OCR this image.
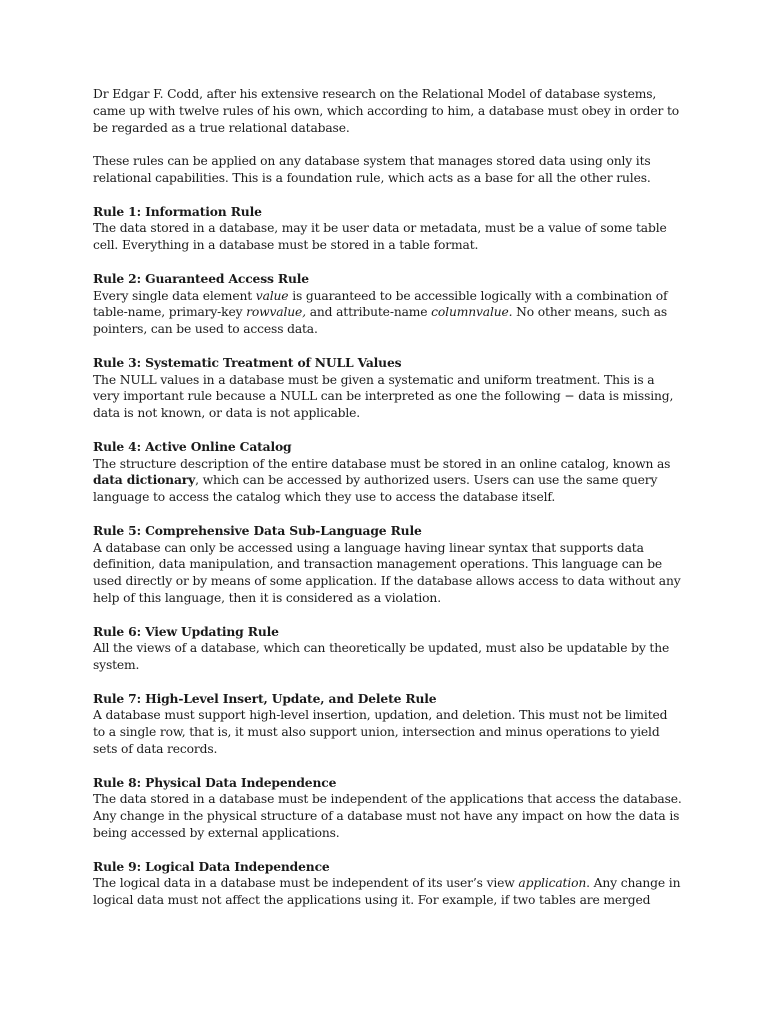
Dr Edgar F. Codd, after his extensive research on the Relational Model of database systems, came up with twelve rules of his own, which according to him, a database must obey in order to be regarded as a true relational database.

These rules can be applied on any database system that manages stored data using only its relational capabilities. This is a foundation rule, which acts as a base for all the other rules.

Rule 1: Information Rule
The data stored in a database, may it be user data or metadata, must be a value of some table cell. Everything in a database must be stored in a table format.
Rule 2: Guaranteed Access Rule
Every single data element value is guaranteed to be accessible logically with a combination of table-name, primary-key rowvalue, and attribute-name columnvalue. No other means, such as pointers, can be used to access data.
Rule 3: Systematic Treatment of NULL Values
The NULL values in a database must be given a systematic and uniform treatment. This is a very important rule because a NULL can be interpreted as one the following − data is missing, data is not known, or data is not applicable.
Rule 4: Active Online Catalog
The structure description of the entire database must be stored in an online catalog, known as data dictionary, which can be accessed by authorized users. Users can use the same query language to access the catalog which they use to access the database itself.
Rule 5: Comprehensive Data Sub-Language Rule
A database can only be accessed using a language having linear syntax that supports data definition, data manipulation, and transaction management operations. This language can be used directly or by means of some application. If the database allows access to data without any help of this language, then it is considered as a violation.
Rule 6: View Updating Rule
All the views of a database, which can theoretically be updated, must also be updatable by the system.
Rule 7: High-Level Insert, Update, and Delete Rule
A database must support high-level insertion, updation, and deletion. This must not be limited to a single row, that is, it must also support union, intersection and minus operations to yield sets of data records.
Rule 8: Physical Data Independence
The data stored in a database must be independent of the applications that access the database. Any change in the physical structure of a database must not have any impact on how the data is being accessed by external applications.
Rule 9: Logical Data Independence
The logical data in a database must be independent of its user’s view application. Any change in logical data must not affect the applications using it. For example, if two tables are merged
